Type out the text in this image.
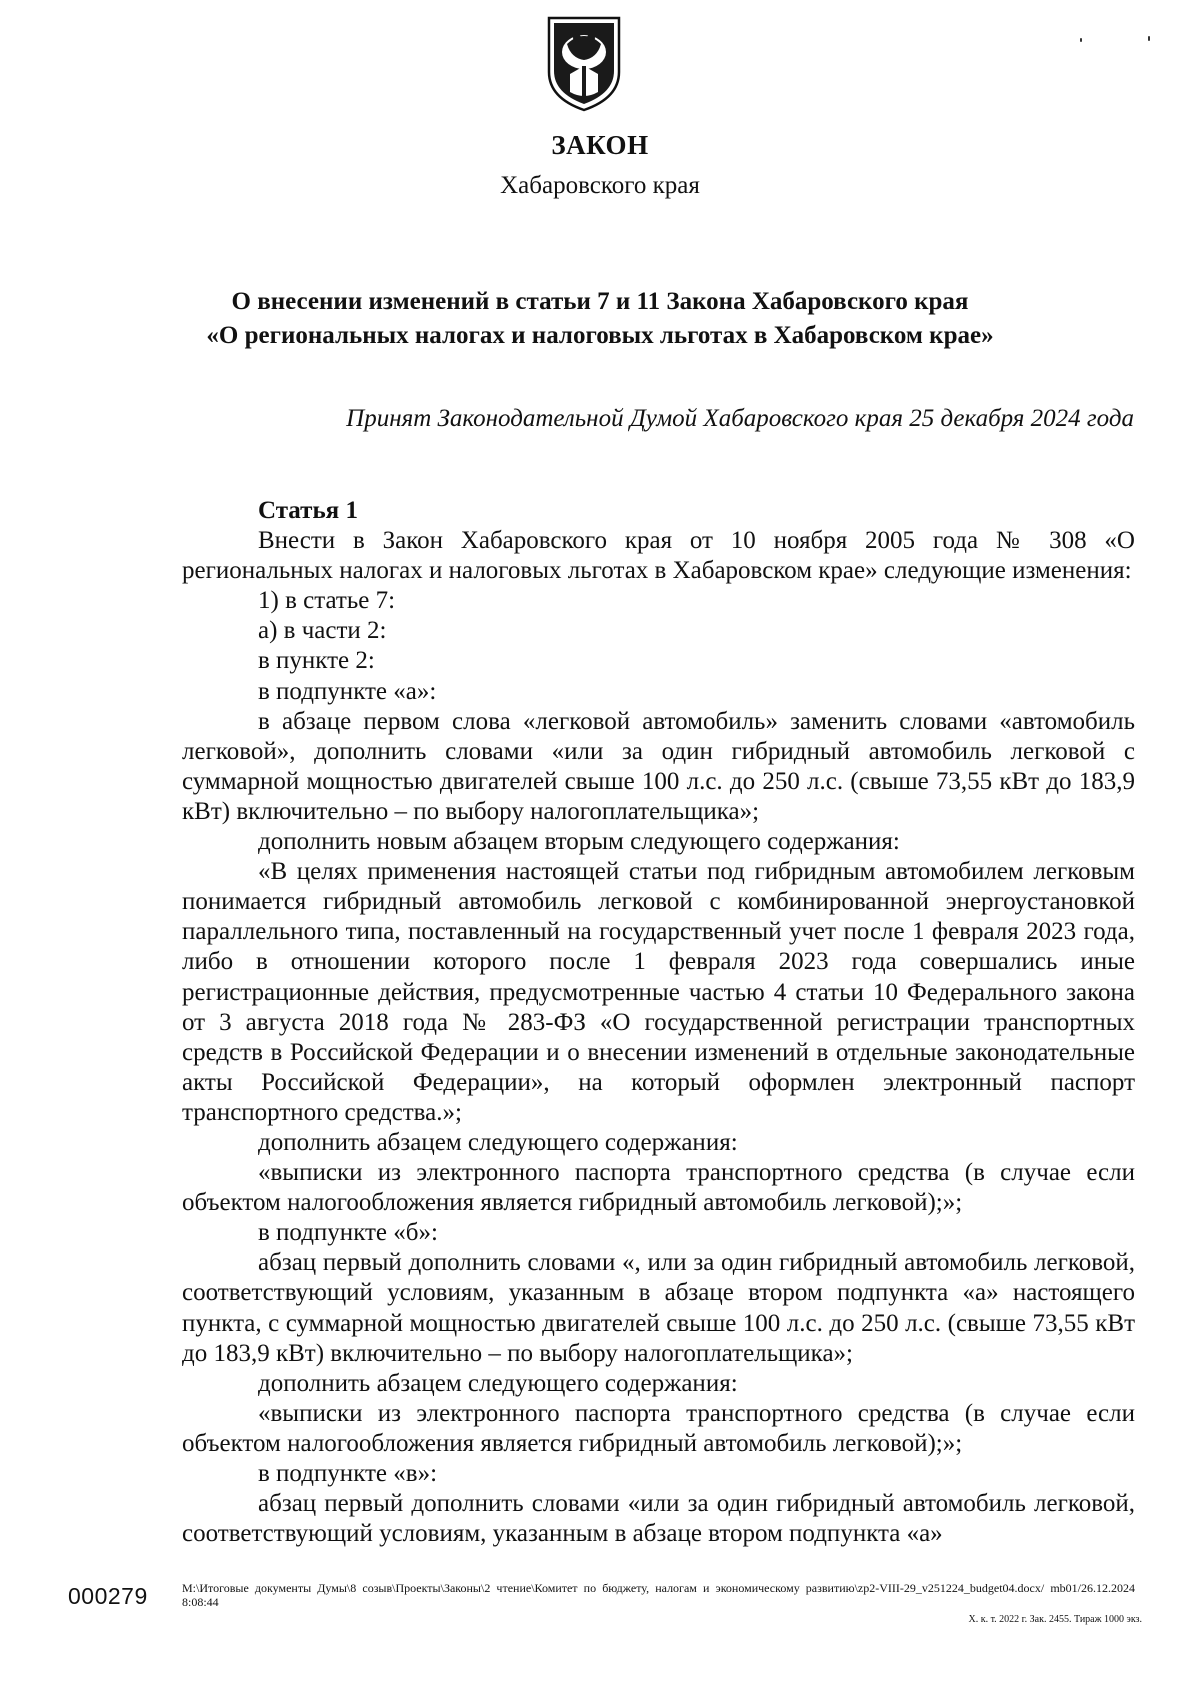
ЗАКОН
Хабаровского края
О внесении изменений в статьи 7 и 11 Закона Хабаровского края
«О региональных налогах и налоговых льготах в Хабаровском крае»
Принят Законодательной Думой Хабаровского края 25 декабря 2024 года
Статья 1
Внести в Закон Хабаровского края от 10 ноября 2005 года № 308 «О региональных налогах и налоговых льготах в Хабаровском крае» следующие изменения:
1) в статье 7:
а) в части 2:
в пункте 2:
в подпункте «а»:
в абзаце первом слова «легковой автомобиль» заменить словами «автомобиль легковой», дополнить словами «или за один гибридный автомобиль легковой с суммарной мощностью двигателей свыше 100 л.с. до 250 л.с. (свыше 73,55 кВт до 183,9 кВт) включительно – по выбору налогоплательщика»;
дополнить новым абзацем вторым следующего содержания:
«В целях применения настоящей статьи под гибридным автомобилем легковым понимается гибридный автомобиль легковой с комбинированной энергоустановкой параллельного типа, поставленный на государственный учет после 1 февраля 2023 года, либо в отношении которого после 1 февраля 2023 года совершались иные регистрационные действия, предусмотренные частью 4 статьи 10 Федерального закона от 3 августа 2018 года № 283-ФЗ «О государственной регистрации транспортных средств в Российской Федерации и о внесении изменений в отдельные законодательные акты Российской Федерации», на который оформлен электронный паспорт транспортного средства.»;
дополнить абзацем следующего содержания:
«выписки из электронного паспорта транспортного средства (в случае если объектом налогообложения является гибридный автомобиль легковой);»;
в подпункте «б»:
абзац первый дополнить словами «, или за один гибридный автомобиль легковой, соответствующий условиям, указанным в абзаце втором подпункта «а» настоящего пункта, с суммарной мощностью двигателей свыше 100 л.с. до 250 л.с. (свыше 73,55 кВт до 183,9 кВт) включительно – по выбору налогоплательщика»;
дополнить абзацем следующего содержания:
«выписки из электронного паспорта транспортного средства (в случае если объектом налогообложения является гибридный автомобиль легковой);»;
в подпункте «в»:
абзац первый дополнить словами «или за один гибридный автомобиль легковой, соответствующий условиям, указанным в абзаце втором подпункта «а»
000279	M:\Итоговые документы Думы\8 созыв\Проекты\Законы\2 чтение\Комитет по бюджету, налогам и экономическому развитию\zp2-VIII-29_v251224_budget04.docx/ mb01/26.12.2024 8:08:44
Х. к. т. 2022 г. Зак. 2455. Тираж 1000 экз.
